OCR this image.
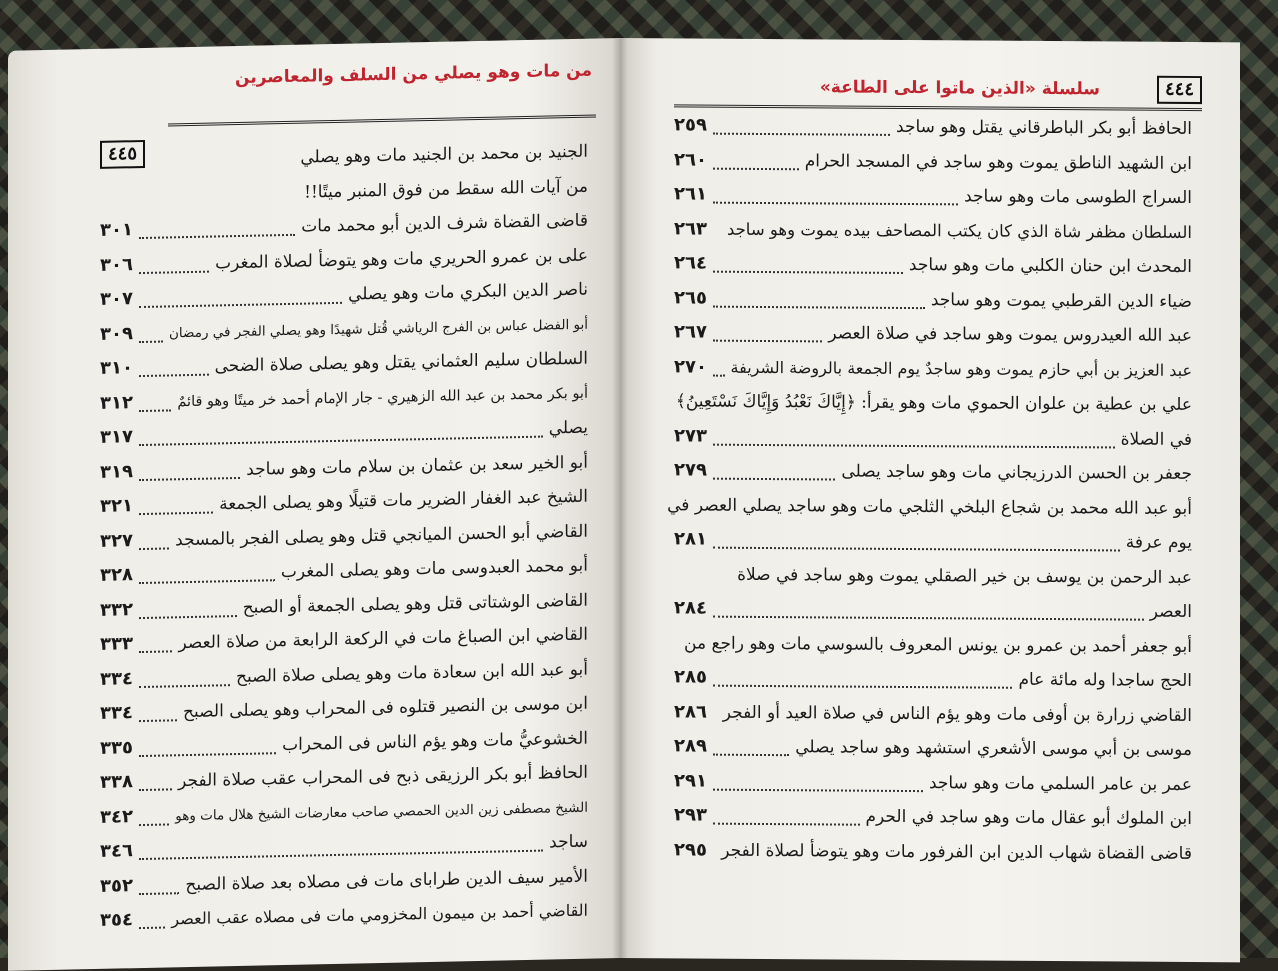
من مات وهو يصلي من السلف والمعاصرين
٤٤٥	الجنيد بن محمد بن الجنيد مات وهو يصلي
من آيات الله سقط من فوق المنبر ميتًا!!
قاضى القضاة شرف الدين أبو محمد مات
٣٠١
على بن عمرو الحريري مات وهو يتوضأ لصلاة المغرب
٣٠٦
ناصر الدين البكري مات وهو يصلي
٣٠٧
أبو الفضل عباس بن الفرج الرياشي قُتل شهيدًا وهو يصلي الفجر في رمضان
٣٠٩
السلطان سليم العثماني يقتل وهو يصلى صلاة الضحى
٣١٠
أبو بكر محمد بن عبد الله الزهيري - جار الإمام أحمد خر ميتًا وهو قائمٌ
٣١٢
يصلي
٣١٧
أبو الخير سعد بن عثمان بن سلام مات وهو ساجد
٣١٩
الشيخ عبد الغفار الضرير مات قتيلًا وهو يصلى الجمعة
٣٢١
القاضي أبو الحسن الميانجي قتل وهو يصلى الفجر بالمسجد
٣٢٧
أبو محمد العبدوسى مات وهو يصلى المغرب
٣٢٨
القاضى الوشتاتى قتل وهو يصلى الجمعة أو الصبح
٣٣٢
القاضي ابن الصباغ مات في الركعة الرابعة من صلاة العصر
٣٣٣
أبو عبد الله ابن سعادة مات وهو يصلى صلاة الصبح
٣٣٤
ابن موسى بن النصير قتلوه فى المحراب وهو يصلى الصبح
٣٣٤
الخشوعيُّ مات وهو يؤم الناس فى المحراب
٣٣٥
الحافظ أبو بكر الرزيقى ذبح فى المحراب عقب صلاة الفجر
٣٣٨
الشيخ مصطفى زين الدين الحمصي صاحب معارضات الشيخ هلال مات وهو
٣٤٢
ساجد
٣٤٦
الأمير سيف الدين طراباى مات فى مصلاه بعد صلاة الصبح
٣٥٢
القاضي أحمد بن ميمون المخزومي مات فى مصلاه عقب العصر
٣٥٤
سلسلة «الذين ماتوا على الطاعة»	٤٤٤
الحافظ أبو بكر الباطرقاني يقتل وهو ساجد
٢٥٩
ابن الشهيد الناطق يموت وهو ساجد في المسجد الحرام
٢٦٠
السراج الطوسى مات وهو ساجد
٢٦١
السلطان مظفر شاة الذي كان يكتب المصاحف بيده يموت وهو ساجد
٢٦٣
المحدث ابن حنان الكلبي مات وهو ساجد
٢٦٤
ضياء الدين القرطبي يموت وهو ساجد
٢٦٥
عبد الله العيدروس يموت وهو ساجد في صلاة العصر
٢٦٧
عبد العزيز بن أبي حازم يموت وهو ساجدٌ يوم الجمعة بالروضة الشريفة
٢٧٠
علي بن عطية بن علوان الحموي مات وهو يقرأ: ﴿إِيَّاكَ نَعْبُدُ وَإِيَّاكَ نَسْتَعِينُ﴾
في الصلاة
٢٧٣
جعفر بن الحسن الدرزيجاني مات وهو ساجد يصلى
٢٧٩
أبو عبد الله محمد بن شجاع البلخي الثلجي مات وهو ساجد يصلي العصر في
يوم عرفة
٢٨١
عبد الرحمن بن يوسف بن خير الصقلي يموت وهو ساجد في صلاة
العصر
٢٨٤
أبو جعفر أحمد بن عمرو بن يونس المعروف بالسوسي مات وهو راجع من
الحج ساجدا وله مائة عام
٢٨٥
القاضي زرارة بن أوفى مات وهو يؤم الناس في صلاة العيد أو الفجر
٢٨٦
موسى بن أبي موسى الأشعري استشهد وهو ساجد يصلي
٢٨٩
عمر بن عامر السلمي مات وهو ساجد
٢٩١
ابن الملوك أبو عقال مات وهو ساجد في الحرم
٢٩٣
قاضى القضاة شهاب الدين ابن الفرفور مات وهو يتوضأ لصلاة الفجر
٢٩٥
